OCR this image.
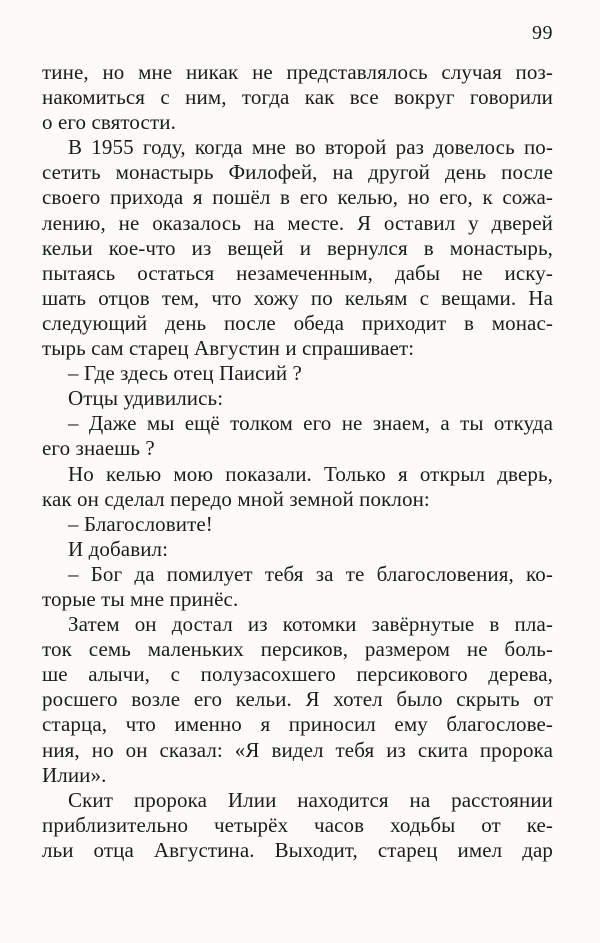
99
тине, но мне никак не представлялось случая поз-
накомиться с ним, тогда как все вокруг говорили
о его святости.
В 1955 году, когда мне во второй раз довелось по-
сетить монастырь Филофей, на другой день после
своего прихода я пошёл в его келью, но его, к сожа-
лению, не оказалось на месте. Я оставил у дверей
кельи кое-что из вещей и вернулся в монастырь,
пытаясь остаться незамеченным, дабы не иску-
шать отцов тем, что хожу по кельям с вещами. На
следующий день после обеда приходит в монас-
тырь сам старец Августин и спрашивает:
– Где здесь отец Паисий ?
Отцы удивились:
– Даже мы ещё толком его не знаем, а ты откуда
его знаешь ?
Но келью мою показали. Только я открыл дверь,
как он сделал передо мной земной поклон:
– Благословите!
И добавил:
– Бог да помилует тебя за те благословения, ко-
торые ты мне принёс.
Затем он достал из котомки завёрнутые в пла-
ток семь маленьких персиков, размером не боль-
ше алычи, с полузасохшего персикового дерева,
росшего возле его кельи. Я хотел было скрыть от
старца, что именно я приносил ему благослове-
ния, но он сказал: «Я видел тебя из скита пророка
Илии».
Скит пророка Илии находится на расстоянии
приблизительно четырёх часов ходьбы от ке-
льи отца Августина. Выходит, старец имел дар
